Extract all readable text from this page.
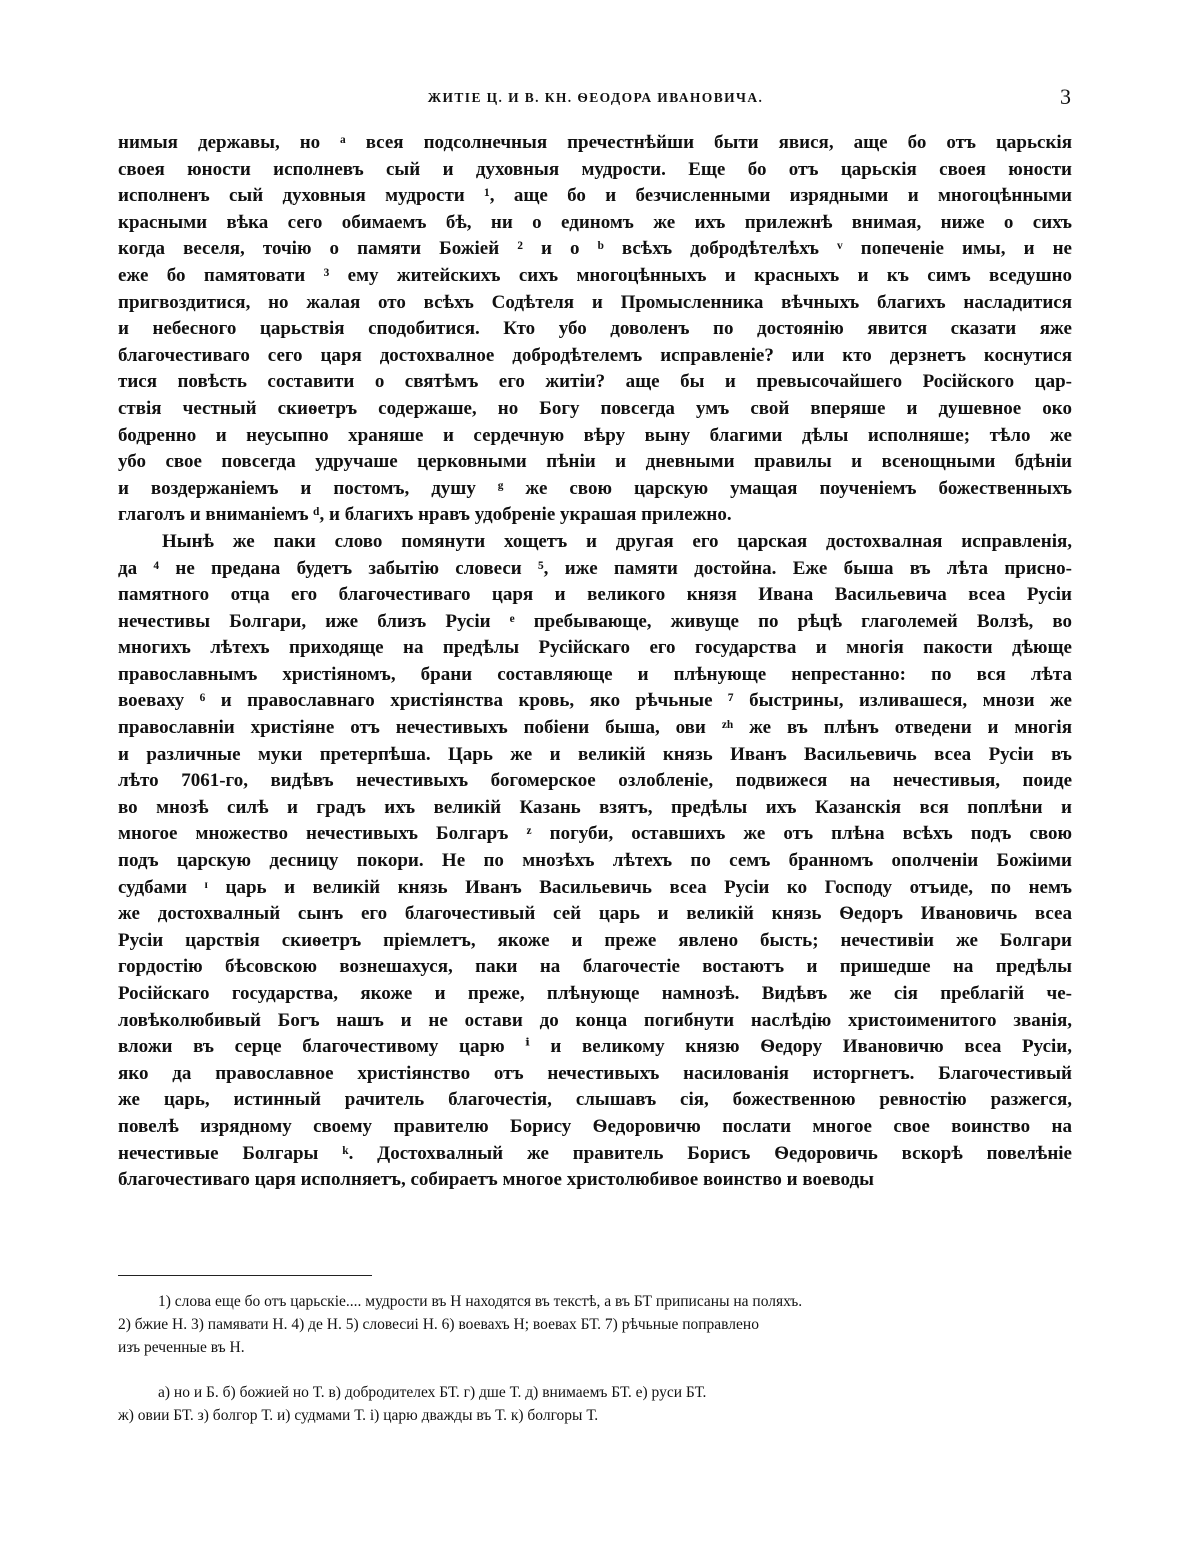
ЖИТІЕ Ц. И В. КН. ѲЕОДОРА ИВАНОВИЧА.	3
нимыя державы, но ᵃ всея подсолнечныя пречестнѣйши быти явися, аще бо отъ царьскія
своея юности исполневъ сый и духовныя мудрости. Еще бо отъ царьскія своея юности
исполненъ сый духовныя мудрости ¹, аще бо и безчисленными изрядными и многоцѣнными
красными вѣка сего обимаемъ бѣ, ни о единомъ же ихъ прилежнѣ внимая, ниже о сихъ
когда веселя, точію о памяти Божіей ² и о ᵇ всѣхъ добродѣтелѣхъ ᵛ попеченіе имы, и не
еже бо памятовати ³ ему житейскихъ сихъ многоцѣнныхъ и красныхъ и къ симъ вседушно
пригвоздитися, но жалая ото всѣхъ Содѣтеля и Промысленника вѣчныхъ благихъ насладитися
и небесного царьствія сподобитися. Кто убо доволенъ по достоянію явится сказати яже
благочестиваго сего царя достохвалное добродѣтелемъ исправленіе? или кто дерзнетъ коснутися
тися повѣсть составити о святѣмъ его житіи? аще бы и превысочайшего Російского цар-
ствія честный скиѳетръ содержаше, но Богу повсегда умъ свой вперяше и душевное око
бодренно и неусыпно храняше и сердечную вѣру выну благими дѣлы исполняше; тѣло же
убо свое повсегда удручаше церковными пѣніи и дневными правилы и всенощными бдѣніи
и воздержаніемъ и постомъ, душу ᵍ же свою царскую умащая поученіемъ божественныхъ
глаголъ и вниманіемъ ᵈ, и благихъ нравъ удобреніе украшая прилежно.
Нынѣ же паки слово помянути хощетъ и другая его царская достохвалная исправленія,
да ⁴ не предана будетъ забытію словеси ⁵, иже памяти достойна. Еже быша въ лѣта присно-
памятного отца его благочестиваго царя и великого князя Ивана Васильевича всеа Русіи
нечестивы Болгари, иже близъ Русіи ᵉ пребывающе, живуще по рѣцѣ глаголемей Волзѣ, во
многихъ лѣтехъ приходяще на предѣлы Русійскаго его государства и многія пакости дѣюще
православнымъ христіяномъ, брани составляюще и плѣнующе непрестанно: по вся лѣта
воеваху ⁶ и православнаго христіянства кровь, яко рѣчьные ⁷ быстрины, изливашеся, мнози же
православніи христіяне отъ нечестивыхъ побіени быша, ови ᶻʰ же въ плѣнъ отведени и многія
и различные муки претерпѣша. Царь же и великій князь Иванъ Васильевичь всеа Русіи въ
лѣто 7061-го, видѣвъ нечестивыхъ богомерское озлобленіе, подвижеся на нечестивыя, поиде
во мнозѣ силѣ и градъ ихъ великій Казань взятъ, предѣлы ихъ Казанскія вся поплѣни и
многое множество нечестивыхъ Болгаръ ᶻ погуби, оставшихъ же отъ плѣна всѣхъ подъ свою
подъ царскую десницу покори. Не по мнозѣхъ лѣтехъ по семъ бранномъ ополченіи Божіими
судбами ᶦ царь и великій князь Иванъ Васильевичь всеа Русіи ко Господу отъиде, по немъ
же достохвалный сынъ его благочестивый сей царь и великій князь Ѳедоръ Ивановичь всеа
Русіи царствія скиѳетръ пріемлетъ, якоже и преже явлено бысть; нечестивіи же Болгари
гордостію бѣсовскою вознешахуся, паки на благочестіе востаютъ и пришедше на предѣлы
Російскаго государства, якоже и преже, плѣнующе намнозѣ. Видѣвъ же сія преблагій че-
ловѣколюбивый Богъ нашъ и не остави до конца погибнути наслѣдію христоименитого званія,
вложи въ серце благочестивому царю ⁱ и великому князю Ѳедору Ивановичю всеа Русіи,
яко да православное христіянство отъ нечестивыхъ насилованія исторгнетъ. Благочестивый
же царь, истинный рачитель благочестія, слышавъ сія, божественною ревностію разжегся,
повелѣ изрядному своему правителю Борису Ѳедоровичю послати многое свое воинство на
нечестивые Болгары ᵏ. Достохвалный же правитель Борисъ Ѳедоровичь вскорѣ повелѣніе
благочестиваго царя исполняетъ, собираетъ многое христолюбивое воинство и воеводы
1) слова еще бо отъ царьскіе.... мудрости въ Н находятся въ текстѣ, а въ БТ приписаны на поляхъ.
2) бжие Н. 3) памявати Н. 4) де Н. 5) словесиі Н. 6) воевахъ Н; воевах БТ. 7) рѣчьные поправлено
изъ реченные въ Н.
а) но и Б. б) божией но Т. в) добродителех БТ. г) дше Т. д) внимаемъ БТ. е) руси БТ.
ж) овии БТ. з) болгор Т. и) судмами Т. і) царю дважды въ Т. к) болгоры Т.
